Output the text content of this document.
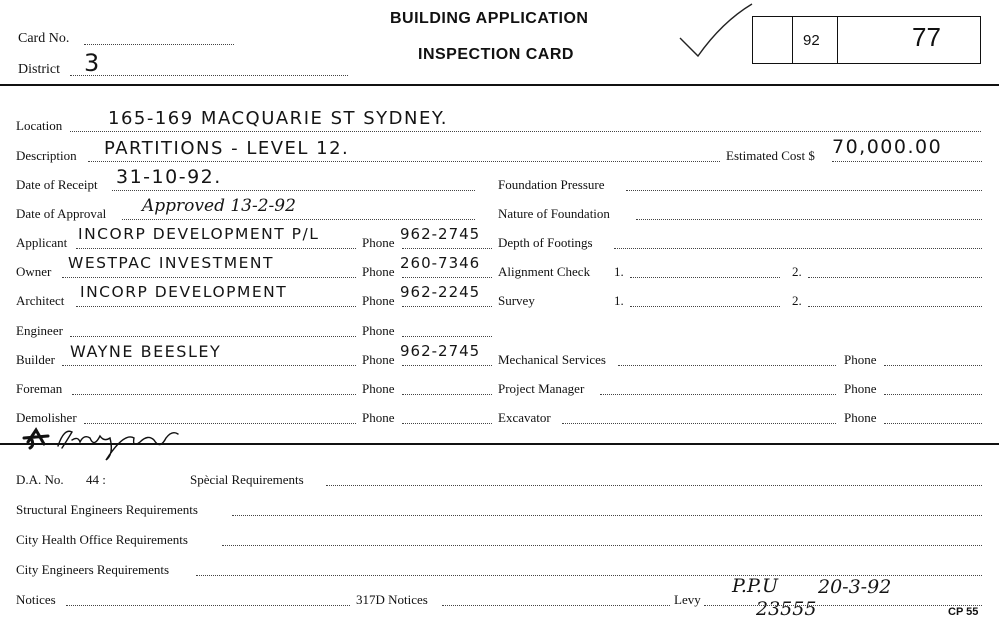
Card No.
District 3
BUILDING APPLICATION
INSPECTION CARD
92	77
Location	165-169 MACQUARIE ST SYDNEY.
Description PARTITIONS - LEVEL 12.	Estimated Cost $ 70,000.00
Date of Receipt 31-10-92.	Foundation Pressure
Date of Approval Approved 13-2-92	Nature of Foundation
Depth of Footings
Alignment Check 1.	2.
Survey	1.	2.
Mechanical Services	Phone
Project Manager	Phone
Excavator	Phone
Applicant INCORP DEVELOPMENT P/L	Phone 962-2745
Owner WESTPAC INVESTMENT	Phone 260-7346
Architect INCORP DEVELOPMENT	Phone 962-2245
Engineer	Phone
Builder WAYNE BEESLEY	Phone 962-2745
Foreman	Phone
Demolisher	Phone
D.A. No. 44 :	Spècial Requirements
Structural Engineers Requirements
City Health Office Requirements
City Engineers Requirements
Notices	317D Notices	Levy
P.P.U 20-3-92
23555	CP 55
